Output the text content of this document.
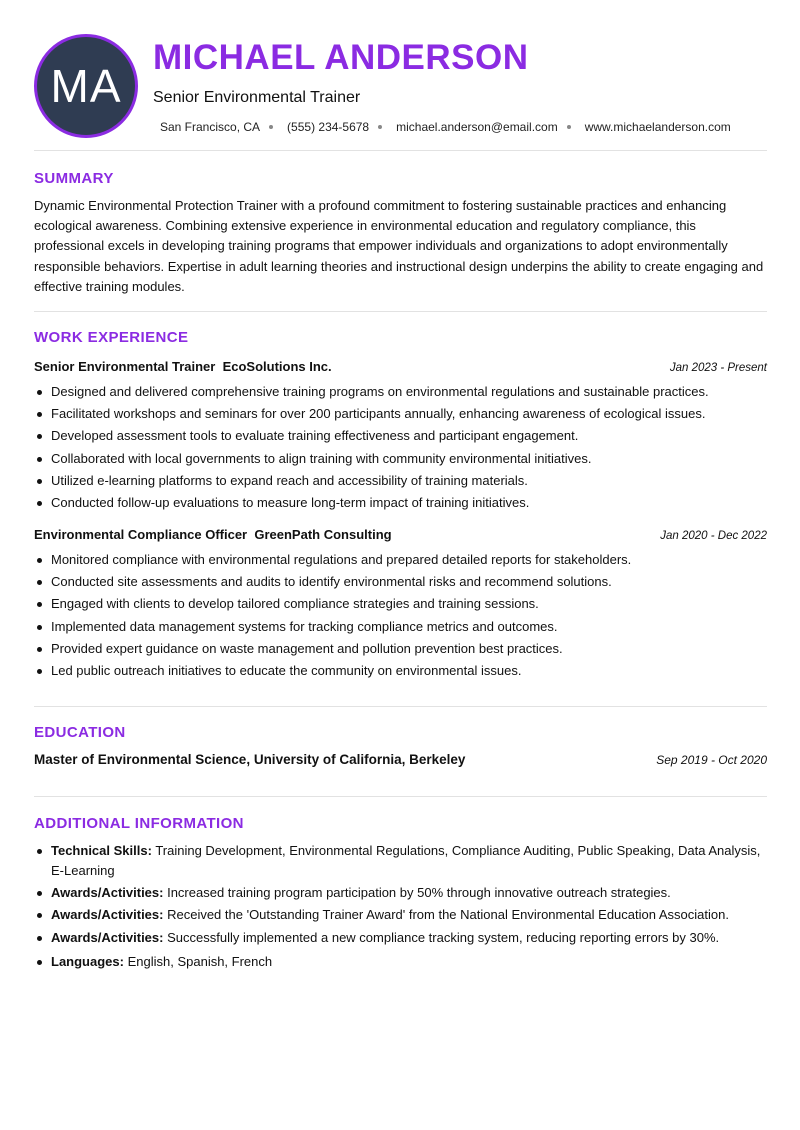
MA
MICHAEL ANDERSON
Senior Environmental Trainer
San Francisco, CA (555) 234-5678 michael.anderson@email.com www.michaelanderson.com
SUMMARY
Dynamic Environmental Protection Trainer with a profound commitment to fostering sustainable practices and enhancing ecological awareness. Combining extensive experience in environmental education and regulatory compliance, this professional excels in developing training programs that empower individuals and organizations to adopt environmentally responsible behaviors. Expertise in adult learning theories and instructional design underpins the ability to create engaging and effective training modules.
WORK EXPERIENCE
Senior Environmental Trainer EcoSolutions Inc.	Jan 2023 - Present
Designed and delivered comprehensive training programs on environmental regulations and sustainable practices.
Facilitated workshops and seminars for over 200 participants annually, enhancing awareness of ecological issues.
Developed assessment tools to evaluate training effectiveness and participant engagement.
Collaborated with local governments to align training with community environmental initiatives.
Utilized e-learning platforms to expand reach and accessibility of training materials.
Conducted follow-up evaluations to measure long-term impact of training initiatives.
Environmental Compliance Officer GreenPath Consulting	Jan 2020 - Dec 2022
Monitored compliance with environmental regulations and prepared detailed reports for stakeholders.
Conducted site assessments and audits to identify environmental risks and recommend solutions.
Engaged with clients to develop tailored compliance strategies and training sessions.
Implemented data management systems for tracking compliance metrics and outcomes.
Provided expert guidance on waste management and pollution prevention best practices.
Led public outreach initiatives to educate the community on environmental issues.
EDUCATION
Master of Environmental Science, University of California, Berkeley	Sep 2019 - Oct 2020
ADDITIONAL INFORMATION
Technical Skills: Training Development, Environmental Regulations, Compliance Auditing, Public Speaking, Data Analysis, E-Learning
Awards/Activities: Increased training program participation by 50% through innovative outreach strategies.
Awards/Activities: Received the 'Outstanding Trainer Award' from the National Environmental Education Association.
Awards/Activities: Successfully implemented a new compliance tracking system, reducing reporting errors by 30%.
Languages: English, Spanish, French
